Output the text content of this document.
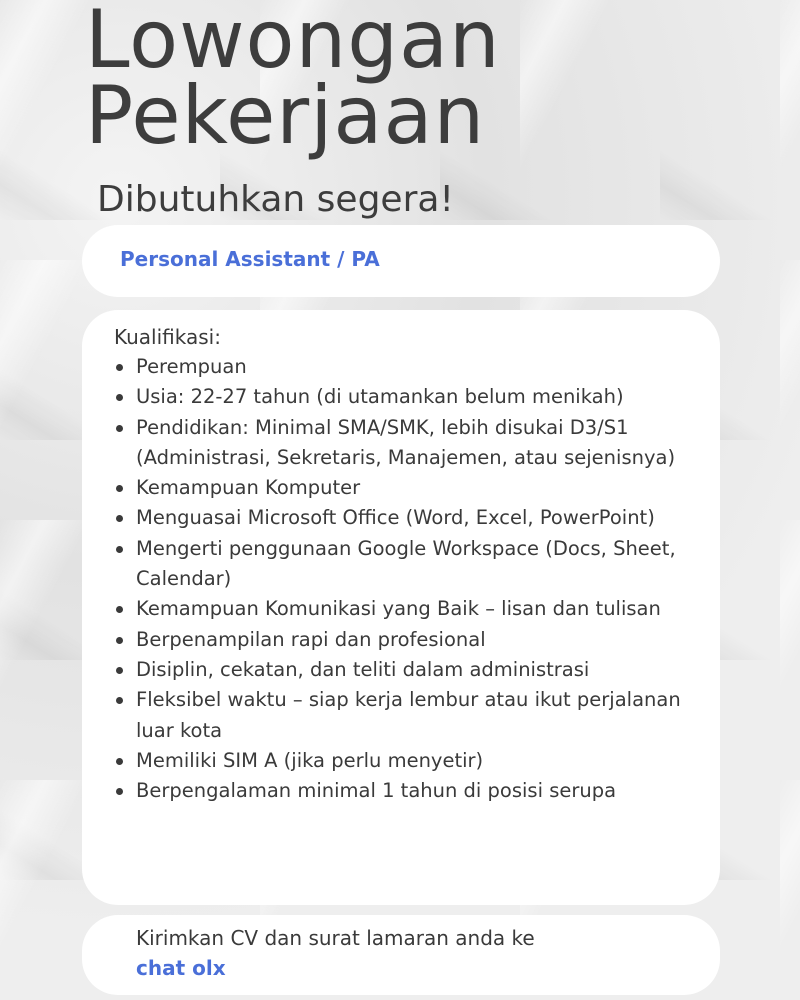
Lowongan
Pekerjaan
Dibutuhkan segera!
Personal Assistant / PA
Kualifikasi:
Perempuan
Usia: 22-27 tahun (di utamankan belum menikah)
Pendidikan: Minimal SMA/SMK, lebih disukai D3/S1 (Administrasi, Sekretaris, Manajemen, atau sejenisnya)
Kemampuan Komputer
Menguasai Microsoft Office (Word, Excel, PowerPoint)
Mengerti penggunaan Google Workspace (Docs, Sheet, Calendar)
Kemampuan Komunikasi yang Baik – lisan dan tulisan
Berpenampilan rapi dan profesional
Disiplin, cekatan, dan teliti dalam administrasi
Fleksibel waktu – siap kerja lembur atau ikut perjalanan luar kota
Memiliki SIM A (jika perlu menyetir)
Berpengalaman minimal 1 tahun di posisi serupa
Kirimkan CV dan surat lamaran anda ke
chat olx
